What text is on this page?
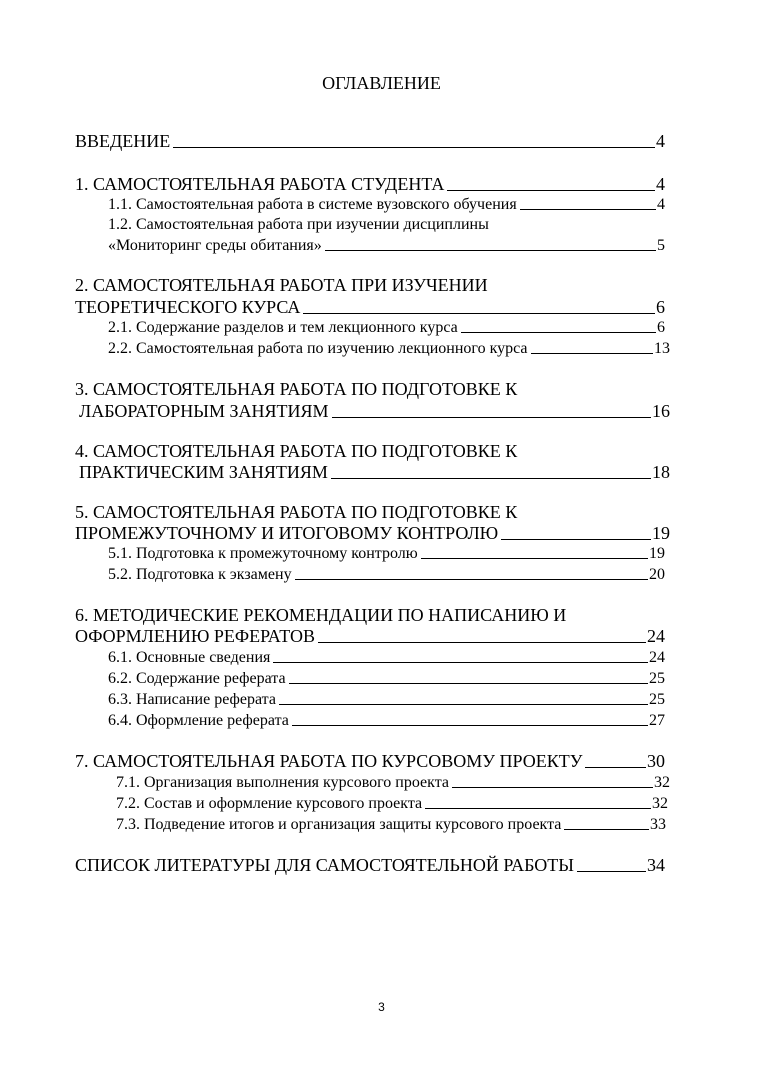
ОГЛАВЛЕНИЕ
ВВЕДЕНИЕ	4
1. САМОСТОЯТЕЛЬНАЯ РАБОТА СТУДЕНТА	4
1.1. Самостоятельная работа в системе вузовского обучения	4
1.2. Самостоятельная работа при изучении дисциплины
«Мониторинг среды обитания»	5
2. САМОСТОЯТЕЛЬНАЯ РАБОТА ПРИ ИЗУЧЕНИИ
ТЕОРЕТИЧЕСКОГО КУРСА	6
2.1. Содержание разделов и тем лекционного курса	6
2.2. Самостоятельная работа по изучению лекционного курса	13
3. САМОСТОЯТЕЛЬНАЯ РАБОТА ПО ПОДГОТОВКЕ К
ЛАБОРАТОРНЫМ ЗАНЯТИЯМ	16
4. САМОСТОЯТЕЛЬНАЯ РАБОТА ПО ПОДГОТОВКЕ К
ПРАКТИЧЕСКИМ ЗАНЯТИЯМ	18
5. САМОСТОЯТЕЛЬНАЯ РАБОТА ПО ПОДГОТОВКЕ К
ПРОМЕЖУТОЧНОМУ И ИТОГОВОМУ КОНТРОЛЮ	19
5.1. Подготовка к промежуточному контролю	19
5.2. Подготовка к экзамену	20
6. МЕТОДИЧЕСКИЕ РЕКОМЕНДАЦИИ ПО НАПИСАНИЮ И
ОФОРМЛЕНИЮ РЕФЕРАТОВ	24
6.1. Основные сведения	24
6.2. Содержание реферата	25
6.3. Написание реферата	25
6.4. Оформление реферата	27
7. САМОСТОЯТЕЛЬНАЯ РАБОТА ПО КУРСОВОМУ ПРОЕКТУ	30
7.1. Организация выполнения курсового проекта	32
7.2. Состав и оформление курсового проекта	32
7.3. Подведение итогов и организация защиты курсового проекта	33
СПИСОК ЛИТЕРАТУРЫ ДЛЯ САМОСТОЯТЕЛЬНОЙ РАБОТЫ	34
3
